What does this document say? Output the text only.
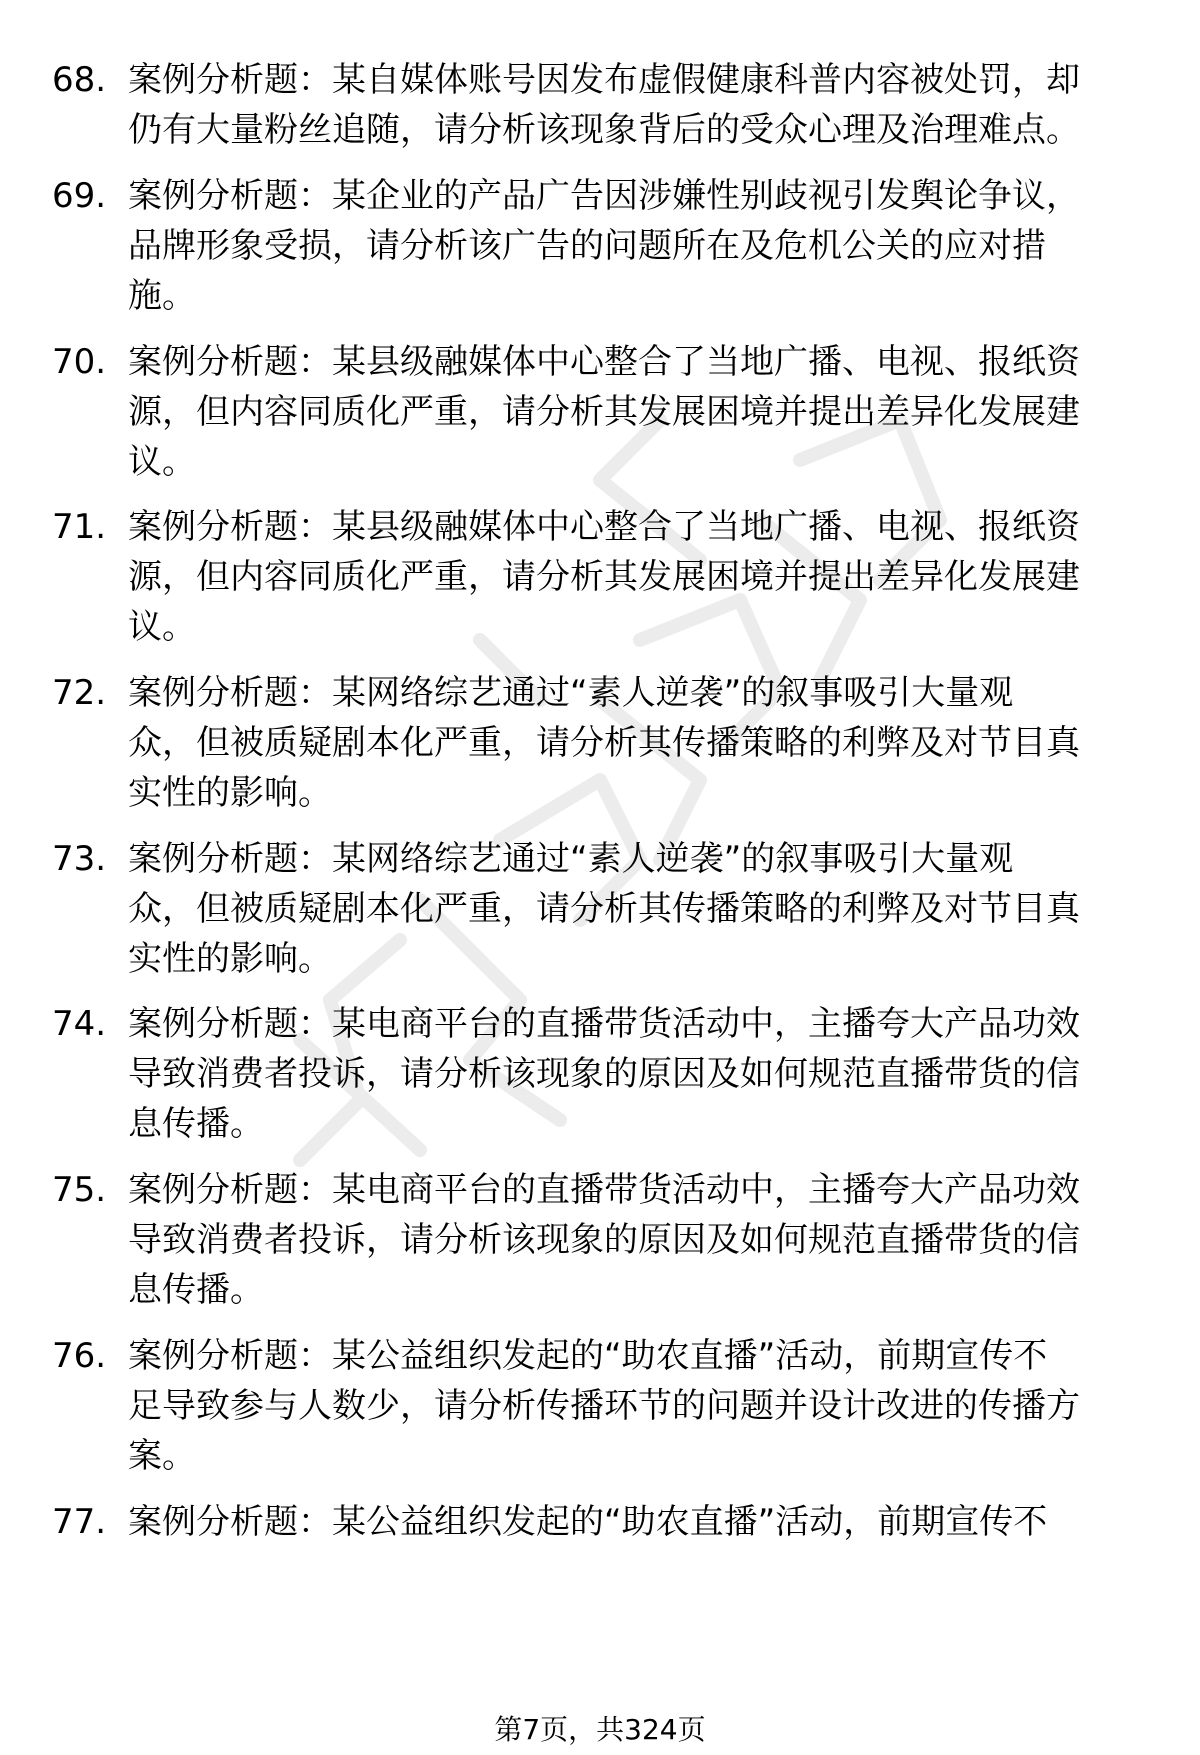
68. 案例分析题：某自媒体账号因发布虚假健康科普内容被处罚，却
仍有大量粉丝追随，请分析该现象背后的受众心理及治理难点。

69. 案例分析题：某企业的产品广告因涉嫌性别歧视引发舆论争议，
品牌形象受损，请分析该广告的问题所在及危机公关的应对措
施。

70. 案例分析题：某县级融媒体中心整合了当地广播、电视、报纸资
源，但内容同质化严重，请分析其发展困境并提出差异化发展建
议。

71. 案例分析题：某县级融媒体中心整合了当地广播、电视、报纸资
源，但内容同质化严重，请分析其发展困境并提出差异化发展建
议。

72. 案例分析题：某网络综艺通过“素人逆袭”的叙事吸引大量观
众，但被质疑剧本化严重，请分析其传播策略的利弊及对节目真
实性的影响。

73. 案例分析题：某网络综艺通过“素人逆袭”的叙事吸引大量观
众，但被质疑剧本化严重，请分析其传播策略的利弊及对节目真
实性的影响。

74. 案例分析题：某电商平台的直播带货活动中，主播夸大产品功效
导致消费者投诉，请分析该现象的原因及如何规范直播带货的信
息传播。

75. 案例分析题：某电商平台的直播带货活动中，主播夸大产品功效
导致消费者投诉，请分析该现象的原因及如何规范直播带货的信
息传播。

76. 案例分析题：某公益组织发起的“助农直播”活动，前期宣传不
足导致参与人数少，请分析传播环节的问题并设计改进的传播方
案。

77. 案例分析题：某公益组织发起的“助农直播”活动，前期宣传不

第7页，共324页
